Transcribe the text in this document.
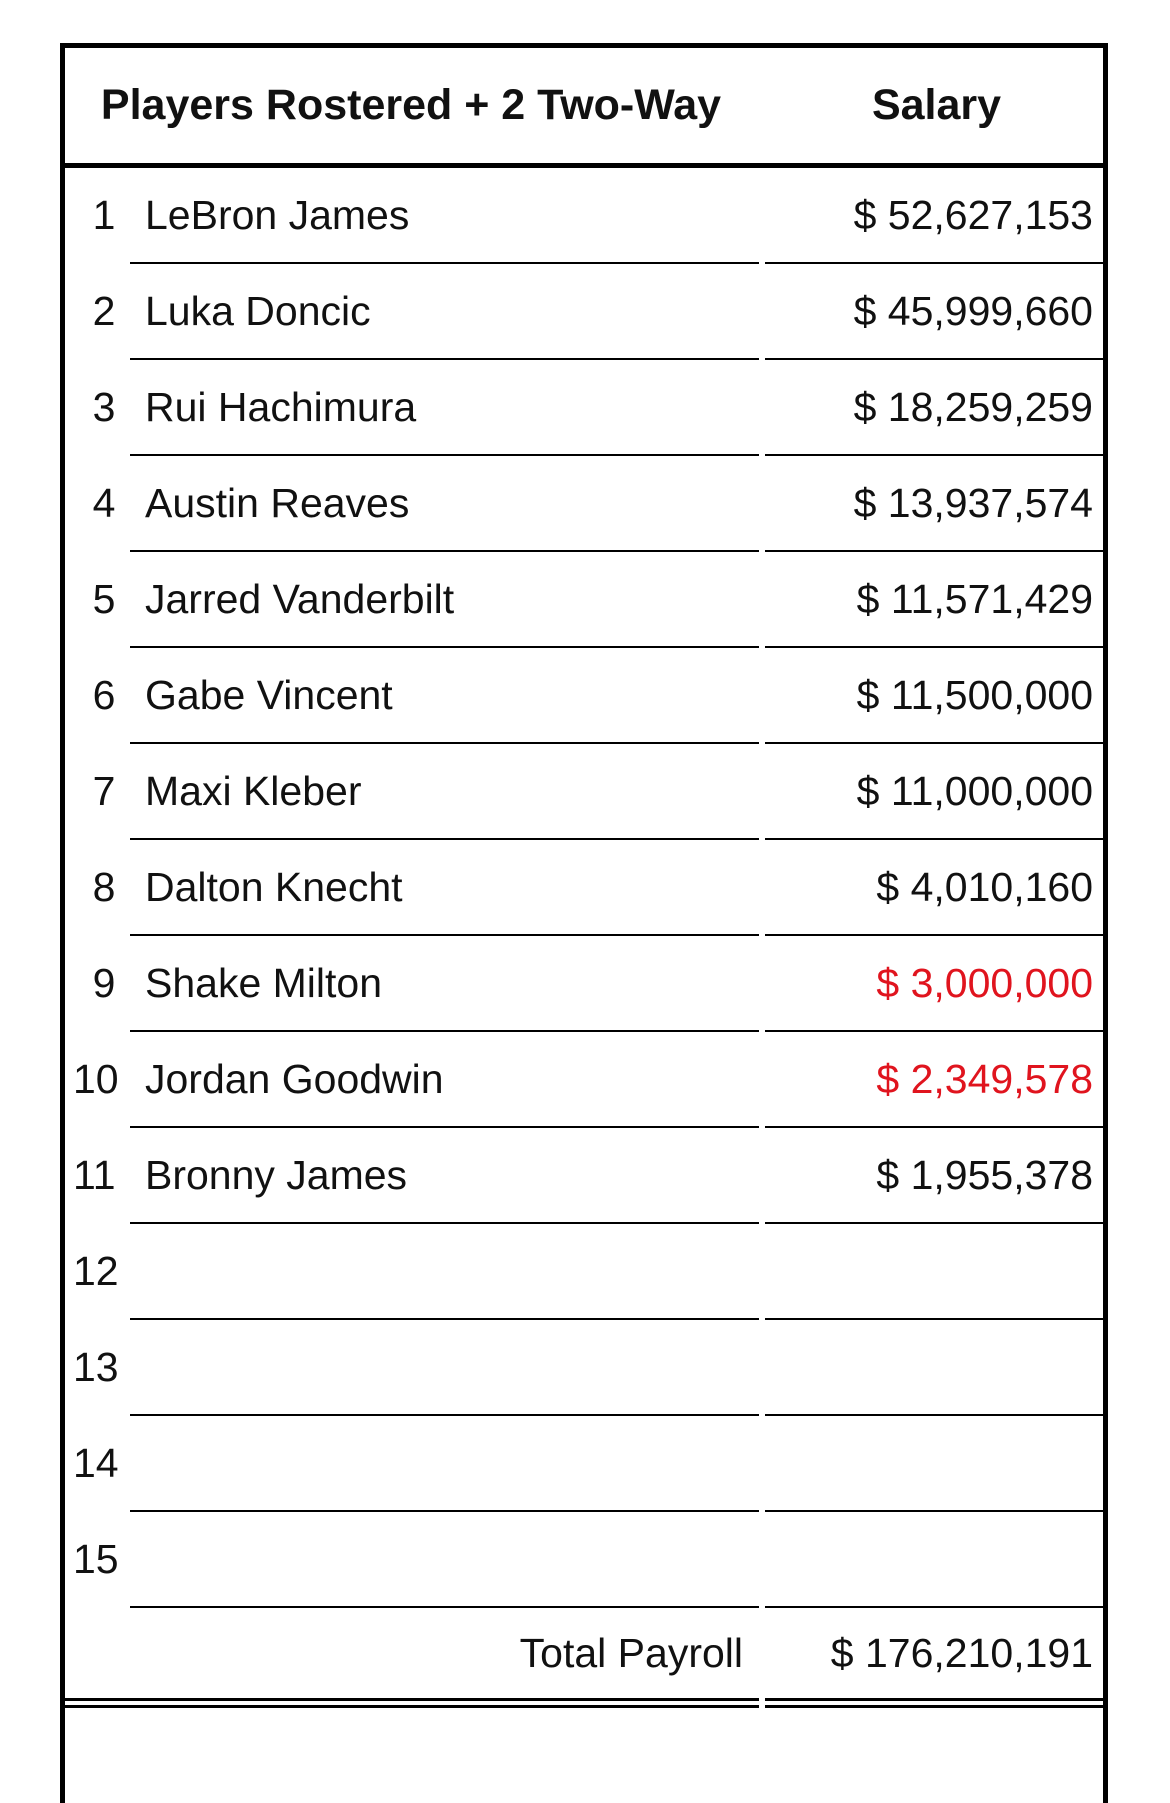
Players Rostered + 2 Two-Way	Salary
1 LeBron James	$ 52,627,153
2 Luka Doncic	$ 45,999,660
3 Rui Hachimura	$ 18,259,259
4 Austin Reaves	$ 13,937,574
5 Jarred Vanderbilt	$ 11,571,429
6 Gabe Vincent	$ 11,500,000
7 Maxi Kleber	$ 11,000,000
8 Dalton Knecht	$ 4,010,160
9 Shake Milton	$ 3,000,000
10 Jordan Goodwin	$ 2,349,578
11 Bronny James	$ 1,955,378
12
13
14
15
Total Payroll $ 176,210,191
